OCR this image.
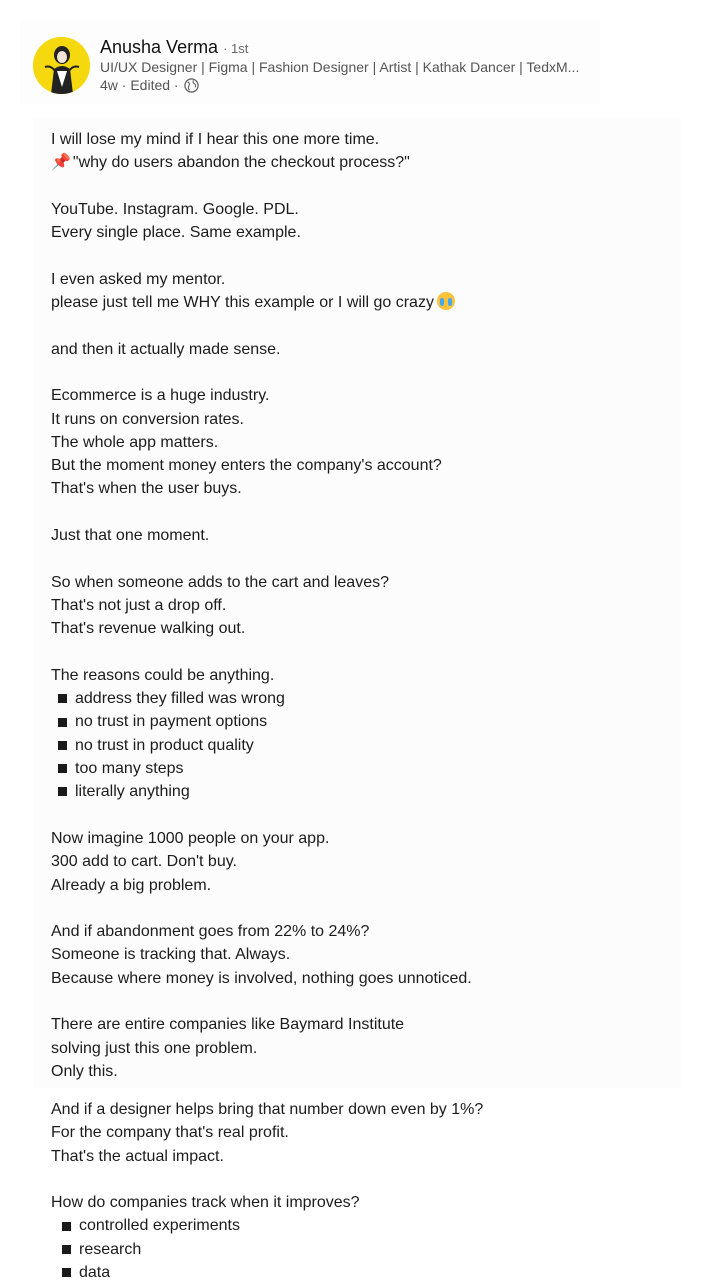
Anusha Verma · 1st
UI/UX Designer | Figma | Fashion Designer | Artist | Kathak Dancer | TedxM...
4w · Edited ·
I will lose my mind if I hear this one more time.
📌 "why do users abandon the checkout process?"
YouTube. Instagram. Google. PDL.
Every single place. Same example.
I even asked my mentor.
please just tell me WHY this example or I will go crazy
and then it actually made sense.
Ecommerce is a huge industry.
It runs on conversion rates.
The whole app matters.
But the moment money enters the company's account?
That's when the user buys.
Just that one moment.
So when someone adds to the cart and leaves?
That's not just a drop off.
That's revenue walking out.
The reasons could be anything.
address they filled was wrong
no trust in payment options
no trust in product quality
too many steps
literally anything
Now imagine 1000 people on your app.
300 add to cart. Don't buy.
Already a big problem.
And if abandonment goes from 22% to 24%?
Someone is tracking that. Always.
Because where money is involved, nothing goes unnoticed.
There are entire companies like Baymard Institute
solving just this one problem.
Only this.
And if a designer helps bring that number down even by 1%?
For the company that's real profit.
That's the actual impact.
How do companies track when it improves?
controlled experiments
research
data
